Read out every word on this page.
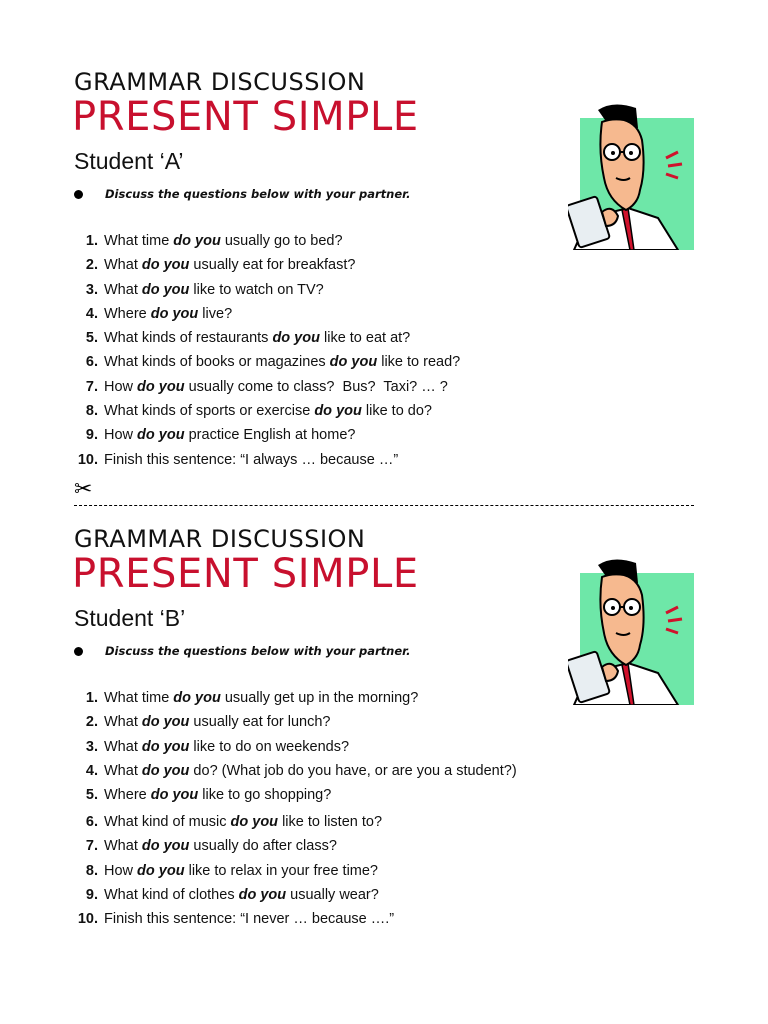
GRAMMAR DISCUSSION
PRESENT SIMPLE
Student ‘A’
Discuss the questions below with your partner.
1. What time do you usually go to bed?
2. What do you usually eat for breakfast?
3. What do you like to watch on TV?
4. Where do you live?
5. What kinds of restaurants do you like to eat at?
6. What kinds of books or magazines do you like to read?
7. How do you usually come to class?  Bus?  Taxi? … ?
8. What kinds of sports or exercise do you like to do?
9. How do you practice English at home?
10. Finish this sentence: “I always … because …”
✂
GRAMMAR DISCUSSION
PRESENT SIMPLE
Student ‘B’
Discuss the questions below with your partner.
1. What time do you usually get up in the morning?
2. What do you usually eat for lunch?
3. What do you like to do on weekends?
4. What do you do? (What job do you have, or are you a student?)
5. Where do you like to go shopping?
6. What kind of music do you like to listen to?
7. What do you usually do after class?
8. How do you like to relax in your free time?
9. What kind of clothes do you usually wear?
10. Finish this sentence: “I never … because ….”
